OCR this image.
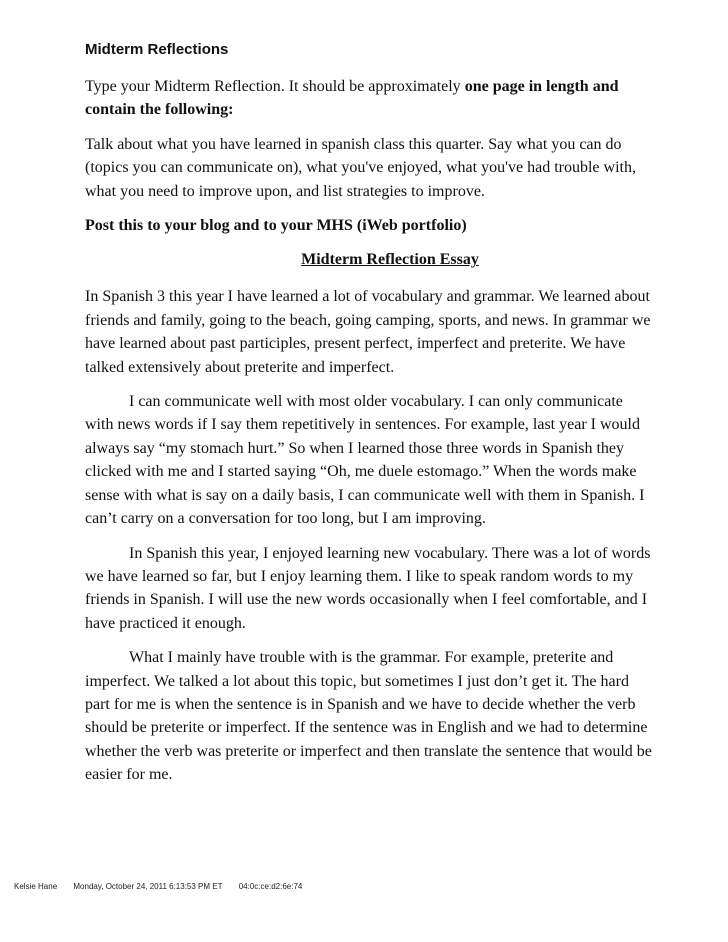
Midterm Reflections

Type your Midterm Reflection. It should be approximately one page in length and contain the following:

Talk about what you have learned in spanish class this quarter. Say what you can do (topics you can communicate on), what you've enjoyed, what you've had trouble with, what you need to improve upon, and list strategies to improve.

Post this to your blog and to your MHS (iWeb portfolio)

Midterm Reflection Essay

In Spanish 3 this year I have learned a lot of vocabulary and grammar. We learned about friends and family, going to the beach, going camping, sports, and news. In grammar we have learned about past participles, present perfect, imperfect and preterite. We have talked extensively about preterite and imperfect.

I can communicate well with most older vocabulary. I can only communicate with news words if I say them repetitively in sentences. For example, last year I would always say “my stomach hurt.” So when I learned those three words in Spanish they clicked with me and I started saying “Oh, me duele estomago.” When the words make sense with what is say on a daily basis, I can communicate well with them in Spanish. I can’t carry on a conversation for too long, but I am improving.

In Spanish this year, I enjoyed learning new vocabulary. There was a lot of words we have learned so far, but I enjoy learning them. I like to speak random words to my friends in Spanish. I will use the new words occasionally when I feel comfortable, and I have practiced it enough.

What I mainly have trouble with is the grammar. For example, preterite and imperfect. We talked a lot about this topic, but sometimes I just don’t get it. The hard part for me is when the sentence is in Spanish and we have to decide whether the verb should be preterite or imperfect. If the sentence was in English and we had to determine whether the verb was preterite or imperfect and then translate the sentence that would be easier for me.

Kelsie Hane Monday, October 24, 2011 6:13:53 PM ET 04:0c:ce:d2:6e:74
